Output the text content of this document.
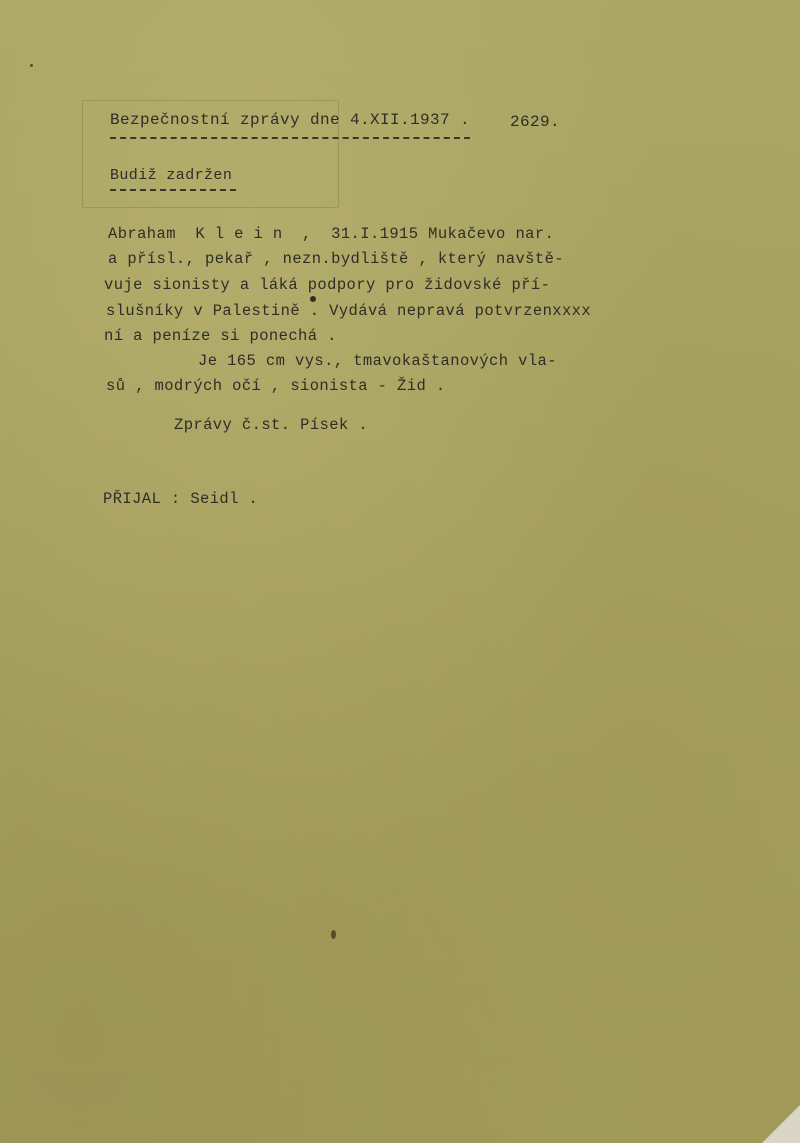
Bezpečnostní zprávy dne 4.XII.1937 . 2629.
Budiž zadržen
Abraham  K l e i n  ,  31.I.1915 Mukačevo nar.
a přísl., pekař , nezn.bydliště , který navště-
vuje sionisty a láká podpory pro židovské pří-
slušníky v Palestině . Vydává nepravá potvrzenxxxx
ní a peníze si ponechá .
Je 165 cm vys., tmavokaštanových vla-
sů , modrých očí , sionista - Žid .
Zprávy č.st. Písek .
PŘIJAL : Seidl .
